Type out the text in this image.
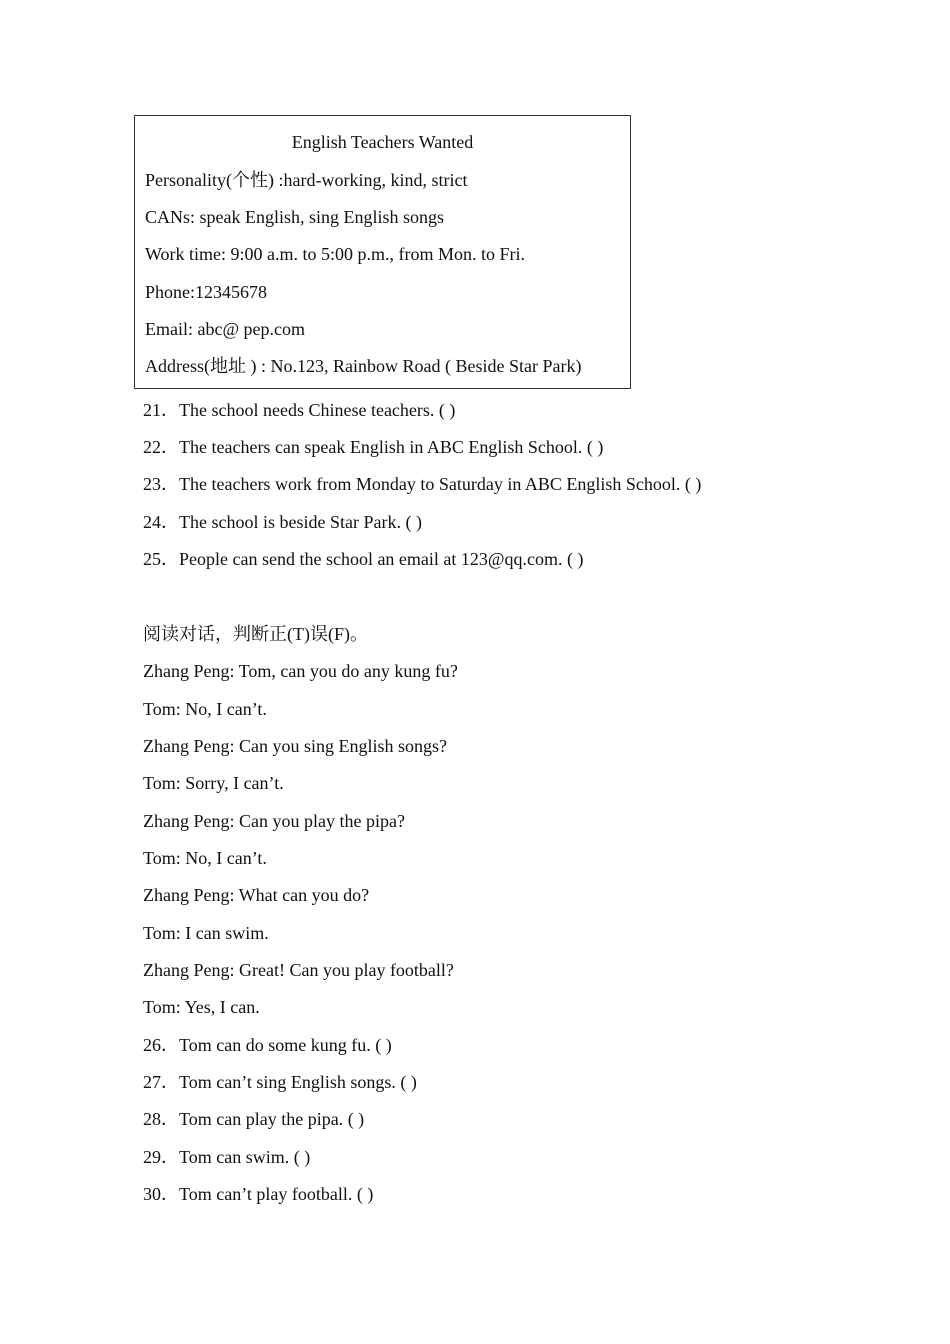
English Teachers Wanted
Personality(个性) :hard-working, kind, strict
CANs: speak English, sing English songs
Work time: 9:00 a.m. to 5:00 p.m., from Mon. to Fri.
Phone:12345678
Email: abc@ pep.com
Address(地址 ) : No.123, Rainbow Road ( Beside Star Park)
21．The school needs Chinese teachers. ( )
22．The teachers can speak English in ABC English School. ( )
23．The teachers work from Monday to Saturday in ABC English School. ( )
24．The school is beside Star Park. ( )
25．People can send the school an email at 123@qq.com. ( )
阅读对话，判断正(T)误(F)。
Zhang Peng: Tom, can you do any kung fu?
Tom: No, I can’t.
Zhang Peng: Can you sing English songs?
Tom: Sorry, I can’t.
Zhang Peng: Can you play the pipa?
Tom: No, I can’t.
Zhang Peng: What can you do?
Tom: I can swim.
Zhang Peng: Great! Can you play football?
Tom: Yes, I can.
26．Tom can do some kung fu. ( )
27．Tom can’t sing English songs. ( )
28．Tom can play the pipa. ( )
29．Tom can swim. ( )
30．Tom can’t play football. ( )
